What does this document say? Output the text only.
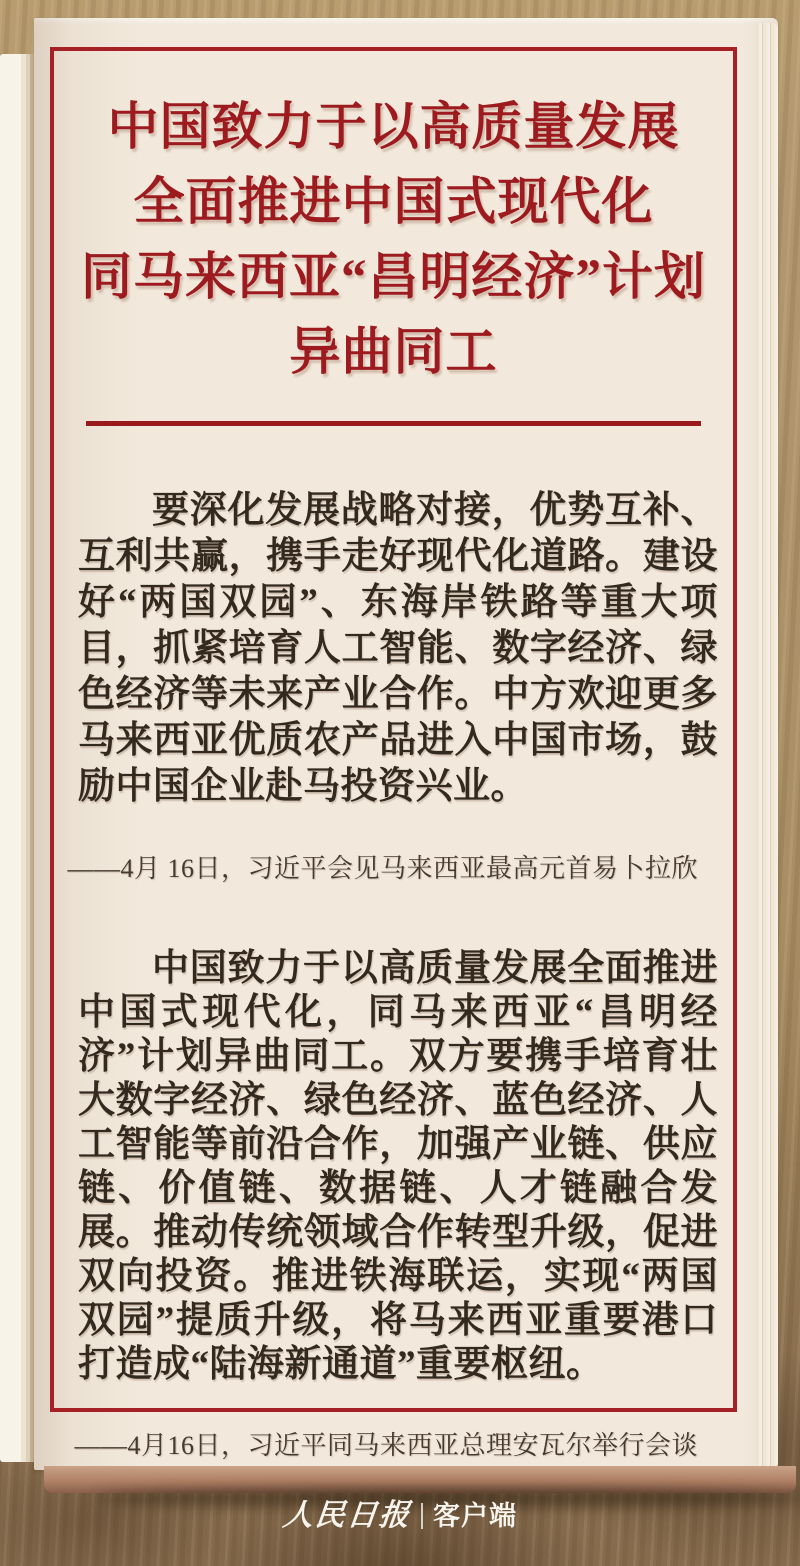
中国致力于以高质量发展
全面推进中国式现代化
同马来西亚“昌明经济”计划
异曲同工
要深化发展战略对接，优势互补、互利共赢，携手走好现代化道路。建设好“两国双园”、东海岸铁路等重大项目，抓紧培育人工智能、数字经济、绿色经济等未来产业合作。中方欢迎更多马来西亚优质农产品进入中国市场，鼓励中国企业赴马投资兴业。
——4月 16日，习近平会见马来西亚最高元首易卜拉欣
中国致力于以高质量发展全面推进中国式现代化，同马来西亚“昌明经济”计划异曲同工。双方要携手培育壮大数字经济、绿色经济、蓝色经济、人工智能等前沿合作，加强产业链、供应链、价值链、数据链、人才链融合发展。推动传统领域合作转型升级，促进双向投资。推进铁海联运，实现“两国双园”提质升级，将马来西亚重要港口打造成“陆海新通道”重要枢纽。
——4月16日，习近平同马来西亚总理安瓦尔举行会谈
人民日报 客户端
